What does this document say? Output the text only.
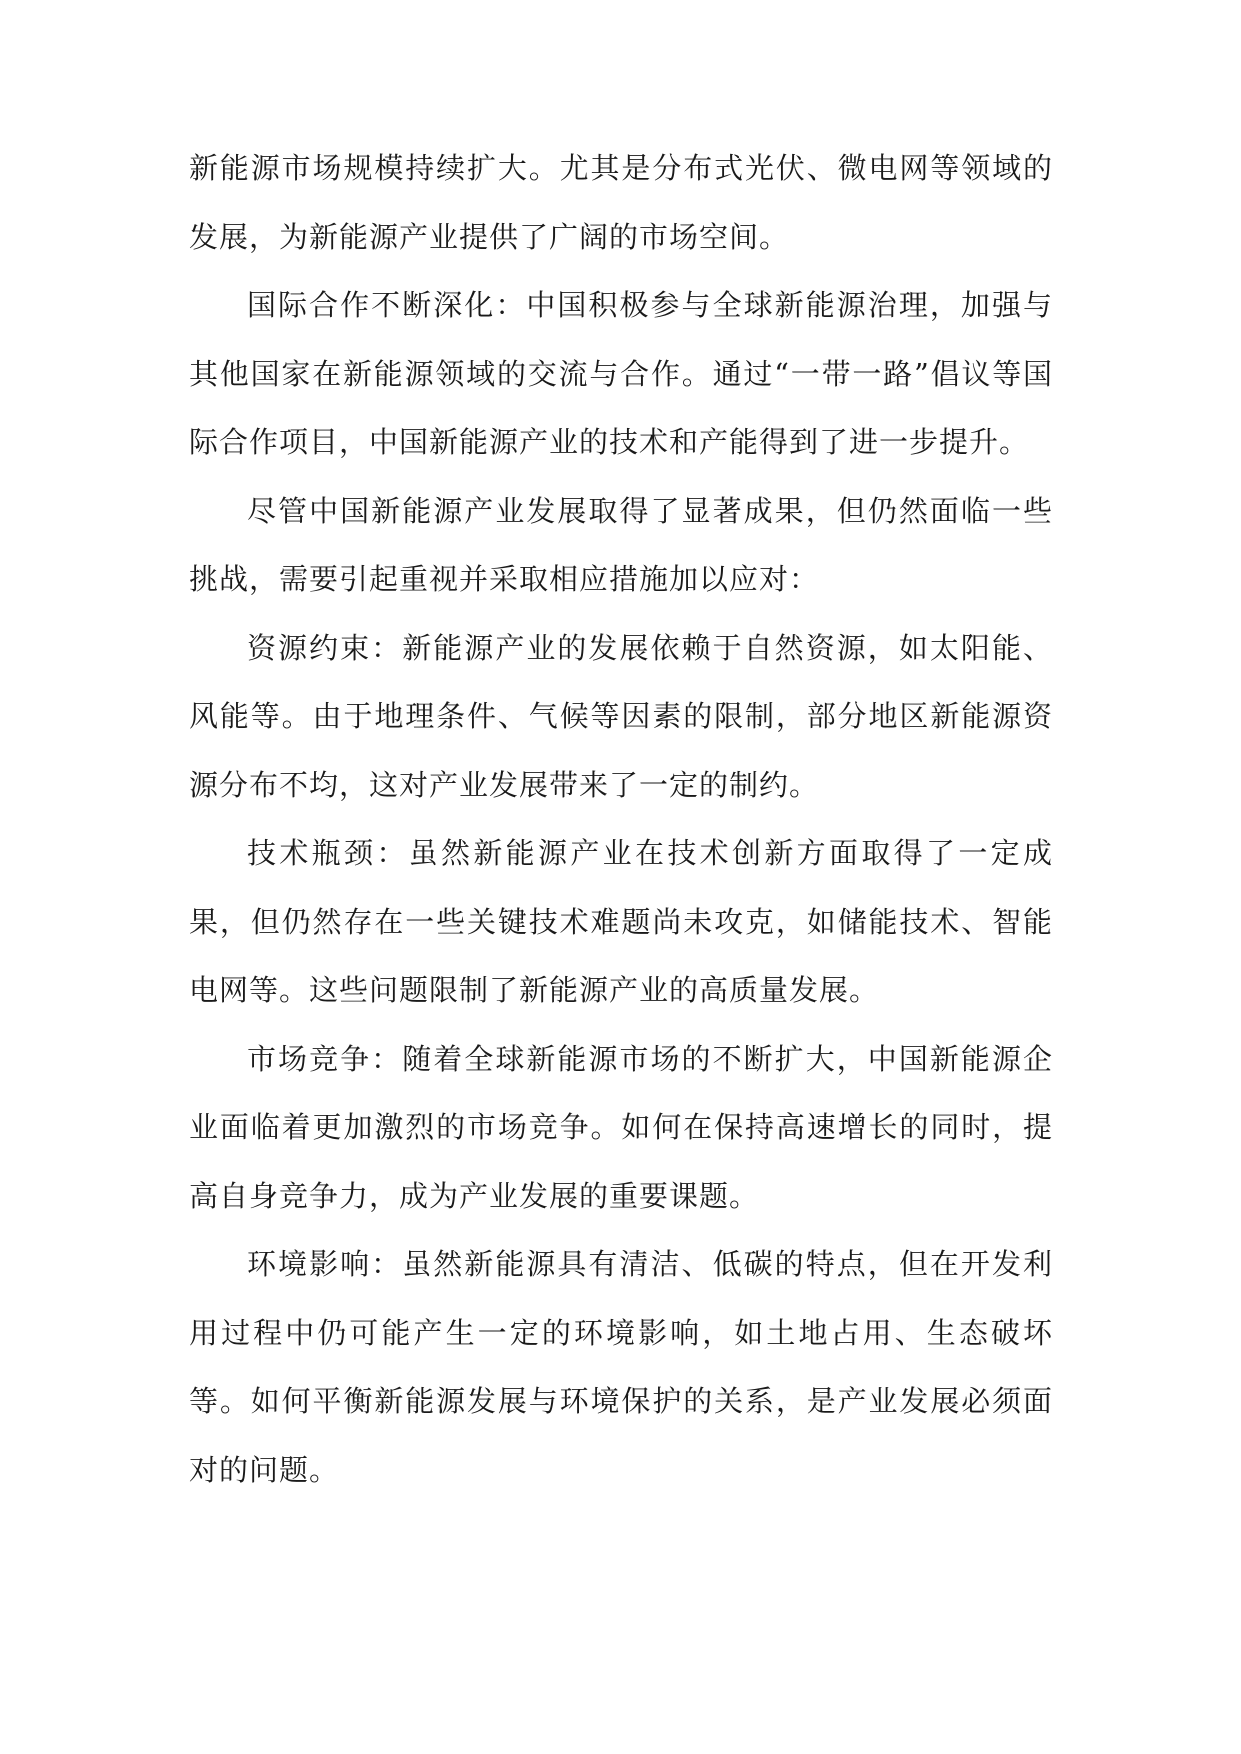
新能源市场规模持续扩大。尤其是分布式光伏、微电网等领域的发展，为新能源产业提供了广阔的市场空间。

国际合作不断深化：中国积极参与全球新能源治理，加强与其他国家在新能源领域的交流与合作。通过“一带一路”倡议等国际合作项目，中国新能源产业的技术和产能得到了进一步提升。

尽管中国新能源产业发展取得了显著成果，但仍然面临一些挑战，需要引起重视并采取相应措施加以应对：

资源约束：新能源产业的发展依赖于自然资源，如太阳能、风能等。由于地理条件、气候等因素的限制，部分地区新能源资源分布不均，这对产业发展带来了一定的制约。

技术瓶颈：虽然新能源产业在技术创新方面取得了一定成果，但仍然存在一些关键技术难题尚未攻克，如储能技术、智能电网等。这些问题限制了新能源产业的高质量发展。

市场竞争：随着全球新能源市场的不断扩大，中国新能源企业面临着更加激烈的市场竞争。如何在保持高速增长的同时，提高自身竞争力，成为产业发展的重要课题。

环境影响：虽然新能源具有清洁、低碳的特点，但在开发利用过程中仍可能产生一定的环境影响，如土地占用、生态破坏等。如何平衡新能源发展与环境保护的关系，是产业发展必须面对的问题。
